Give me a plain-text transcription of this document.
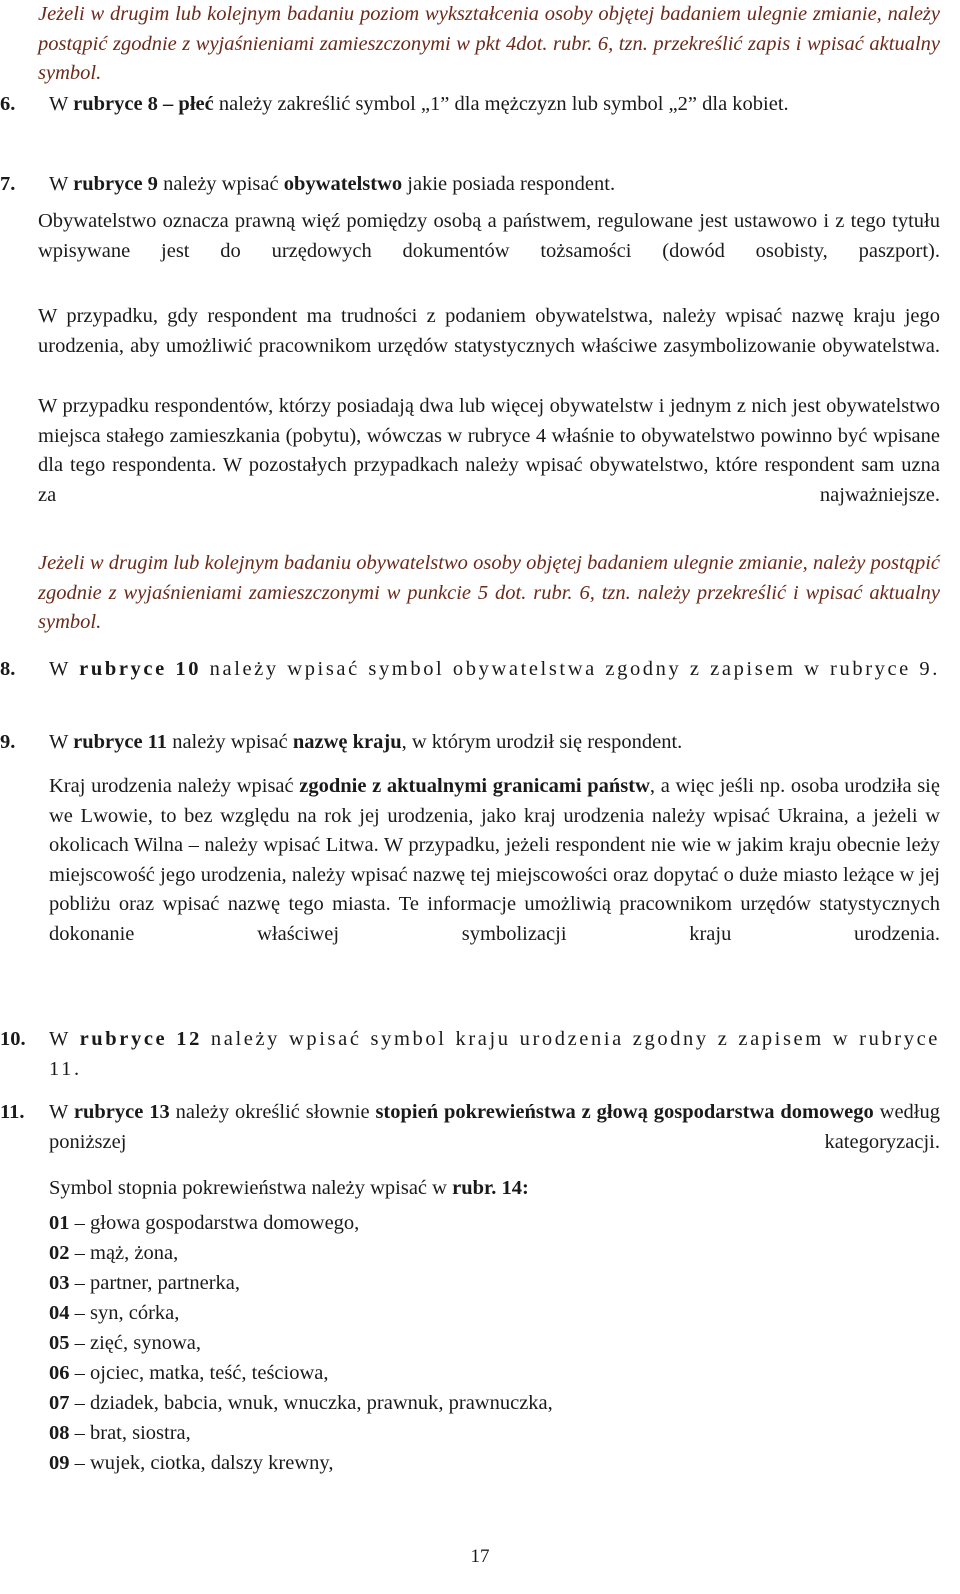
Jeżeli w drugim lub kolejnym badaniu poziom wykształcenia osoby objętej badaniem ulegnie zmianie, należy postąpić zgodnie z wyjaśnieniami zamieszczonymi w pkt 4dot. rubr. 6, tzn. przekreślić zapis i wpisać aktualny symbol.

6. W rubryce 8 – płeć należy zakreślić symbol „1” dla mężczyzn lub symbol „2” dla kobiet.

7. W rubryce 9 należy wpisać obywatelstwo jakie posiada respondent.

Obywatelstwo oznacza prawną więź pomiędzy osobą a państwem, regulowane jest ustawowo i z tego tytułu wpisywane jest do urzędowych dokumentów tożsamości (dowód osobisty, paszport).

W przypadku, gdy respondent ma trudności z podaniem obywatelstwa, należy wpisać nazwę kraju jego urodzenia, aby umożliwić pracownikom urzędów statystycznych właściwe zasymbolizowanie obywatelstwa.

W przypadku respondentów, którzy posiadają dwa lub więcej obywatelstw i jednym z nich jest obywatelstwo miejsca stałego zamieszkania (pobytu), wówczas w rubryce 4 właśnie to obywatelstwo powinno być wpisane dla tego respondenta. W pozostałych przypadkach należy wpisać obywatelstwo, które respondent sam uzna za najważniejsze.

Jeżeli w drugim lub kolejnym badaniu obywatelstwo osoby objętej badaniem ulegnie zmianie, należy postąpić zgodnie z wyjaśnieniami zamieszczonymi w punkcie 5 dot. rubr. 6, tzn. należy przekreślić i wpisać aktualny symbol.

8. W rubryce 10 należy wpisać symbol obywatelstwa zgodny z zapisem w rubryce 9.

9. W rubryce 11 należy wpisać nazwę kraju, w którym urodził się respondent.

Kraj urodzenia należy wpisać zgodnie z aktualnymi granicami państw, a więc jeśli np. osoba urodziła się we Lwowie, to bez względu na rok jej urodzenia, jako kraj urodzenia należy wpisać Ukraina, a jeżeli w okolicach Wilna – należy wpisać Litwa. W przypadku, jeżeli respondent nie wie w jakim kraju obecnie leży miejscowość jego urodzenia, należy wpisać nazwę tej miejscowości oraz dopytać o duże miasto leżące w jej pobliżu oraz wpisać nazwę tego miasta. Te informacje umożliwią pracownikom urzędów statystycznych dokonanie właściwej symbolizacji kraju urodzenia.

10. W rubryce 12 należy wpisać symbol kraju urodzenia zgodny z zapisem w rubryce 11.

11. W rubryce 13 należy określić słownie stopień pokrewieństwa z głową gospodarstwa domowego według poniższej kategoryzacji.

Symbol stopnia pokrewieństwa należy wpisać w rubr. 14:

01 – głowa gospodarstwa domowego,
02 – mąż, żona,
03 – partner, partnerka,
04 – syn, córka,
05 – zięć, synowa,
06 – ojciec, matka, teść, teściowa,
07 – dziadek, babcia, wnuk, wnuczka, prawnuk, prawnuczka,
08 – brat, siostra,
09 – wujek, ciotka, dalszy krewny,
17
